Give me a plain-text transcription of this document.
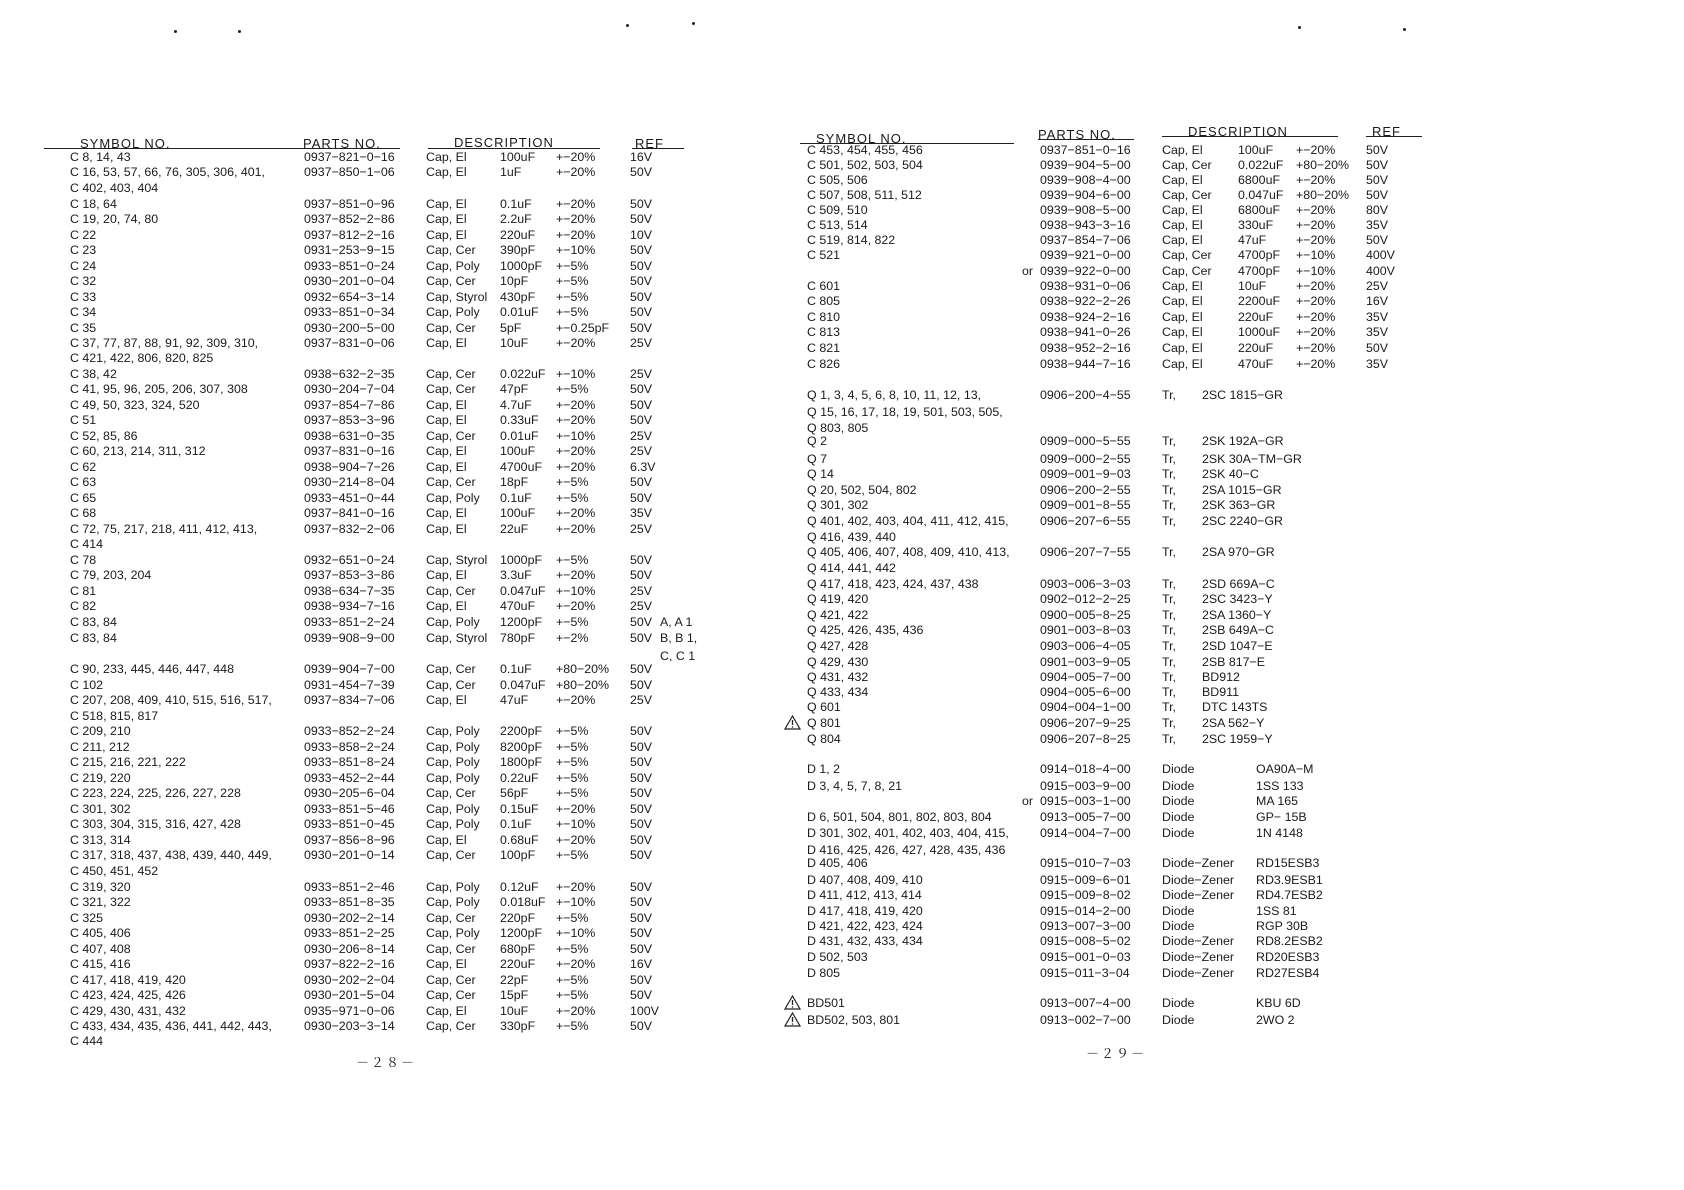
SYMBOL NO.	PARTS NO.	DESCRIPTION	REF
C 8, 14, 43	0937−821−0−16	Cap, El	100uF +−20%	16V
C 16, 53, 57, 66, 76, 305, 306, 401,	0937−850−1−06	Cap, El	1uF	+−20%	50V
C 402, 403, 404
C 18, 64	0937−851−0−96	Cap, El	0.1uF +−20%	50V
C 19, 20, 74, 80	0937−852−2−86	Cap, El	2.2uF +−20%	50V
C 22	0937−812−2−16	Cap, El	220uF +−20%	10V
C 23	0931−253−9−15	Cap, Cer 390pF +−10%	50V
C 24	0933−851−0−24	Cap, Poly 1000pF +−5%	50V
C 32	0930−201−0−04	Cap, Cer 10pF +−5%	50V
C 33	0932−654−3−14	Cap, Styrol 430pF +−5%	50V
C 34	0933−851−0−34	Cap, Poly 0.01uF +−5%	50V
C 35	0930−200−5−00	Cap, Cer 5pF	+−0.25pF 50V
C 37, 77, 87, 88, 91, 92, 309, 310,	0937−831−0−06	Cap, El	10uF +−20%	25V
C 421, 422, 806, 820, 825
C 38, 42	0938−632−2−35	Cap, Cer 0.022uF +−10%	25V
C 41, 95, 96, 205, 206, 307, 308	0930−204−7−04	Cap, Cer 47pF +−5%	50V
C 49, 50, 323, 324, 520	0937−854−7−86	Cap, El	4.7uF +−20%	50V
C 51	0937−853−3−96	Cap, El	0.33uF +−20%	50V
C 52, 85, 86	0938−631−0−35	Cap, Cer 0.01uF +−10%	25V
C 60, 213, 214, 311, 312	0937−831−0−16	Cap, El	100uF +−20%	25V
C 62	0938−904−7−26	Cap, El	4700uF +−20%	6.3V
C 63	0930−214−8−04	Cap, Cer 18pF +−5%	50V
C 65	0933−451−0−44	Cap, Poly 0.1uF +−5%	50V
C 68	0937−841−0−16	Cap, El	100uF +−20%	35V
C 72, 75, 217, 218, 411, 412, 413,	0937−832−2−06	Cap, El	22uF +−20%	25V
C 414
C 78	0932−651−0−24	Cap, Styrol 1000pF +−5%	50V
C 79, 203, 204	0937−853−3−86	Cap, El	3.3uF +−20%	50V
C 81	0938−634−7−35	Cap, Cer 0.047uF +−10%	25V
C 82	0938−934−7−16	Cap, El	470uF +−20%	25V
C 83, 84	0933−851−2−24	Cap, Poly 1200pF +−5%	50V A, A 1
C 83, 84	0939−908−9−00	Cap, Styrol 780pF +−2%	50V B, B 1,
C, C 1
C 90, 233, 445, 446, 447, 448	0939−904−7−00	Cap, Cer 0.1uF +80−20% 50V
C 102	0931−454−7−39	Cap, Cer 0.047uF +80−20% 50V
C 207, 208, 409, 410, 515, 516, 517,	0937−834−7−06	Cap, El	47uF +−20%	25V
C 518, 815, 817
C 209, 210	0933−852−2−24	Cap, Poly 2200pF +−5%	50V
C 211, 212	0933−858−2−24	Cap, Poly 8200pF +−5%	50V
C 215, 216, 221, 222	0933−851−8−24	Cap, Poly 1800pF +−5%	50V
C 219, 220	0933−452−2−44	Cap, Poly 0.22uF +−5%	50V
C 223, 224, 225, 226, 227, 228	0930−205−6−04	Cap, Cer 56pF +−5%	50V
C 301, 302	0933−851−5−46	Cap, Poly 0.15uF +−20%	50V
C 303, 304, 315, 316, 427, 428	0933−851−0−45	Cap, Poly 0.1uF +−10%	50V
C 313, 314	0937−856−8−96	Cap, El	0.68uF +−20%	50V
C 317, 318, 437, 438, 439, 440, 449,	0930−201−0−14	Cap, Cer 100pF +−5%	50V
C 450, 451, 452
C 319, 320	0933−851−2−46	Cap, Poly 0.12uF +−20%	50V
C 321, 322	0933−851−8−35	Cap, Poly 0.018uF +−10%	50V
C 325	0930−202−2−14	Cap, Cer 220pF +−5%	50V
C 405, 406	0933−851−2−25	Cap, Poly 1200pF +−10%	50V
C 407, 408	0930−206−8−14	Cap, Cer 680pF +−5%	50V
C 415, 416	0937−822−2−16	Cap, El	220uF +−20%	16V
C 417, 418, 419, 420	0930−202−2−04	Cap, Cer 22pF +−5%	50V
C 423, 424, 425, 426	0930−201−5−04	Cap, Cer 15pF +−5%	50V
C 429, 430, 431, 432	0935−971−0−06	Cap, El	10uF +−20%	100V
C 433, 434, 435, 436, 441, 442, 443,	0930−203−3−14	Cap, Cer 330pF +−5%	50V
C 444
－２８－
SYMBOL NO.	PARTS NO.	DESCRIPTION	REF
C 453, 454, 455, 456	0937−851−0−16	Cap, El	100uF +−20% 50V
C 501, 502, 503, 504	0939−904−5−00	Cap, Cer 0.022uF +80−20% 50V
C 505, 506	0939−908−4−00	Cap, El	6800uF +−20% 50V
C 507, 508, 511, 512	0939−904−6−00	Cap, Cer 0.047uF +80−20% 50V
C 509, 510	0939−908−5−00	Cap, El	6800uF +−20% 80V
C 513, 514	0938−943−3−16	Cap, El	330uF +−20% 35V
C 519, 814, 822	0937−854−7−06	Cap, El	47uF +−20% 50V
C 521	0939−921−0−00	Cap, Cer 4700pF +−10% 400V
or 0939−922−0−00	Cap, Cer 4700pF +−10% 400V
C 601	0938−931−0−06	Cap, El	10uF +−20% 25V
C 805	0938−922−2−26	Cap, El	2200uF +−20% 16V
C 810	0938−924−2−16	Cap, El	220uF +−20% 35V
C 813	0938−941−0−26	Cap, El	1000uF +−20% 35V
C 821	0938−952−2−16	Cap, El	220uF +−20% 50V
C 826	0938−944−7−16	Cap, El	470uF +−20% 35V
Q 1, 3, 4, 5, 6, 8, 10, 11, 12, 13,	0906−200−4−55	Tr, 2SC 1815−GR
Q 15, 16, 17, 18, 19, 501, 503, 505,
Q 803, 805
Q 2	0909−000−5−55	Tr, 2SK 192A−GR
Q 7	0909−000−2−55	Tr, 2SK 30A−TM−GR
Q 14	0909−001−9−03	Tr, 2SK 40−C
Q 20, 502, 504, 802	0906−200−2−55	Tr, 2SA 1015−GR
Q 301, 302	0909−001−8−55	Tr, 2SK 363−GR
Q 401, 402, 403, 404, 411, 412, 415,	0906−207−6−55	Tr, 2SC 2240−GR
Q 416, 439, 440
Q 405, 406, 407, 408, 409, 410, 413, 0906−207−7−55	Tr, 2SA 970−GR
Q 414, 441, 442
Q 417, 418, 423, 424, 437, 438	0903−006−3−03	Tr, 2SD 669A−C
Q 419, 420	0902−012−2−25	Tr, 2SC 3423−Y
Q 421, 422	0900−005−8−25	Tr, 2SA 1360−Y
Q 425, 426, 435, 436	0901−003−8−03	Tr, 2SB 649A−C
Q 427, 428	0903−006−4−05	Tr, 2SD 1047−E
Q 429, 430	0901−003−9−05	Tr, 2SB 817−E
Q 431, 432	0904−005−7−00	Tr, BD912
Q 433, 434	0904−005−6−00	Tr, BD911
Q 601	0904−004−1−00	Tr, DTC 143TS
Q 801	0906−207−9−25	Tr, 2SA 562−Y
Q 804	0906−207−8−25	Tr, 2SC 1959−Y
D 1, 2	0914−018−4−00	Diode	OA90A−M
D 3, 4, 5, 7, 8, 21	0915−003−9−00	Diode	1SS 133
or 0915−003−1−00	Diode	MA 165
D 6, 501, 504, 801, 802, 803, 804	0913−005−7−00	Diode	GP− 15B
D 301, 302, 401, 402, 403, 404, 415,	0914−004−7−00	Diode	1N 4148
D 416, 425, 426, 427, 428, 435, 436
D 405, 406	0915−010−7−03	Diode−Zener RD15ESB3
D 407, 408, 409, 410	0915−009−6−01	Diode−Zener RD3.9ESB1
D 411, 412, 413, 414	0915−009−8−02	Diode−Zener RD4.7ESB2
D 417, 418, 419, 420	0915−014−2−00	Diode	1SS 81
D 421, 422, 423, 424	0913−007−3−00	Diode	RGP 30B
D 431, 432, 433, 434	0915−008−5−02	Diode−Zener RD8.2ESB2
D 502, 503	0915−001−0−03	Diode−Zener RD20ESB3
D 805	0915−011−3−04	Diode−Zener RD27ESB4
BD501	0913−007−4−00	Diode	KBU 6D
BD502, 503, 801	0913−002−7−00	Diode	2WO 2
－２９－
